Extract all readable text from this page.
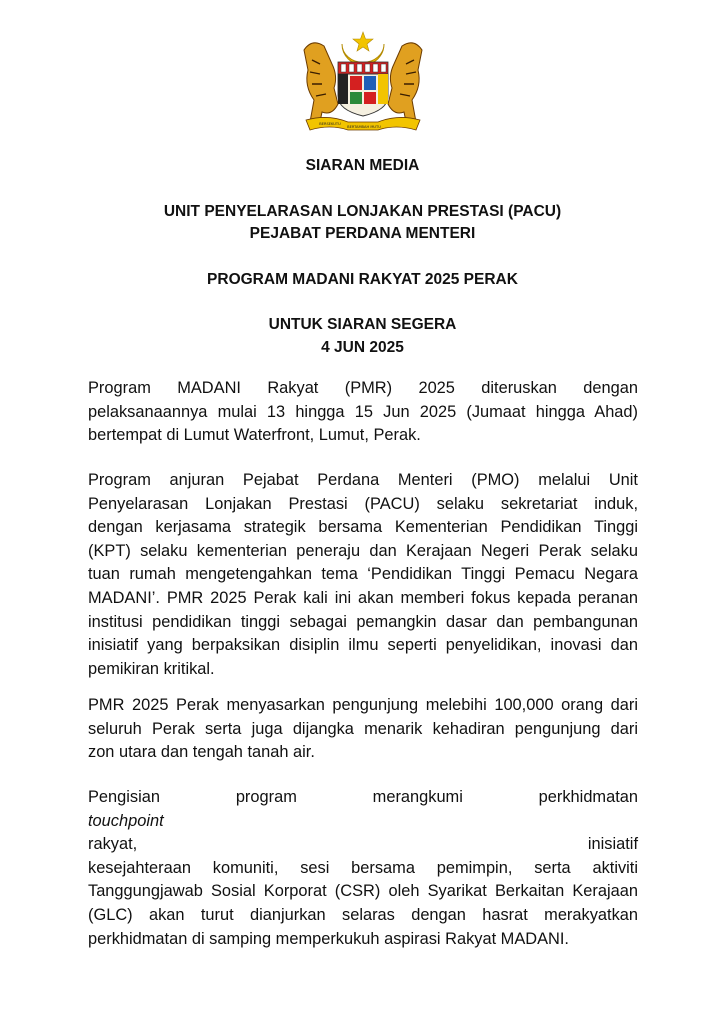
BERSEKUTU
BERTAMBAH MUTU
SIARAN MEDIA
UNIT PENYELARASAN LONJAKAN PRESTASI (PACU)
PEJABAT PERDANA MENTERI
PROGRAM MADANI RAKYAT 2025 PERAK
UNTUK SIARAN SEGERA
4 JUN 2025
Program MADANI Rakyat (PMR) 2025 diteruskan dengan
pelaksanaannya mulai 13 hingga 15 Jun 2025 (Jumaat hingga Ahad)
bertempat di Lumut Waterfront, Lumut, Perak.
Program anjuran Pejabat Perdana Menteri (PMO) melalui Unit
Penyelarasan Lonjakan Prestasi (PACU) selaku sekretariat induk,
dengan kerjasama strategik bersama Kementerian Pendidikan Tinggi
(KPT) selaku kementerian peneraju dan Kerajaan Negeri Perak selaku
tuan rumah mengetengahkan tema ‘Pendidikan Tinggi Pemacu Negara
MADANI’. PMR 2025 Perak kali ini akan memberi fokus kepada peranan
institusi pendidikan tinggi sebagai pemangkin dasar dan pembangunan
inisiatif yang berpaksikan disiplin ilmu seperti penyelidikan, inovasi dan
pemikiran kritikal.
PMR 2025 Perak menyasarkan pengunjung melebihi 100,000 orang dari
seluruh Perak serta juga dijangka menarik kehadiran pengunjung dari
zon utara dan tengah tanah air.
Pengisian program merangkumi perkhidmatan
touchpoint
rakyat, inisiatif
kesejahteraan komuniti, sesi bersama pemimpin, serta aktiviti
Tanggungjawab Sosial Korporat (CSR) oleh Syarikat Berkaitan Kerajaan
(GLC) akan turut dianjurkan selaras dengan hasrat merakyatkan
perkhidmatan di samping memperkukuh aspirasi Rakyat MADANI.
